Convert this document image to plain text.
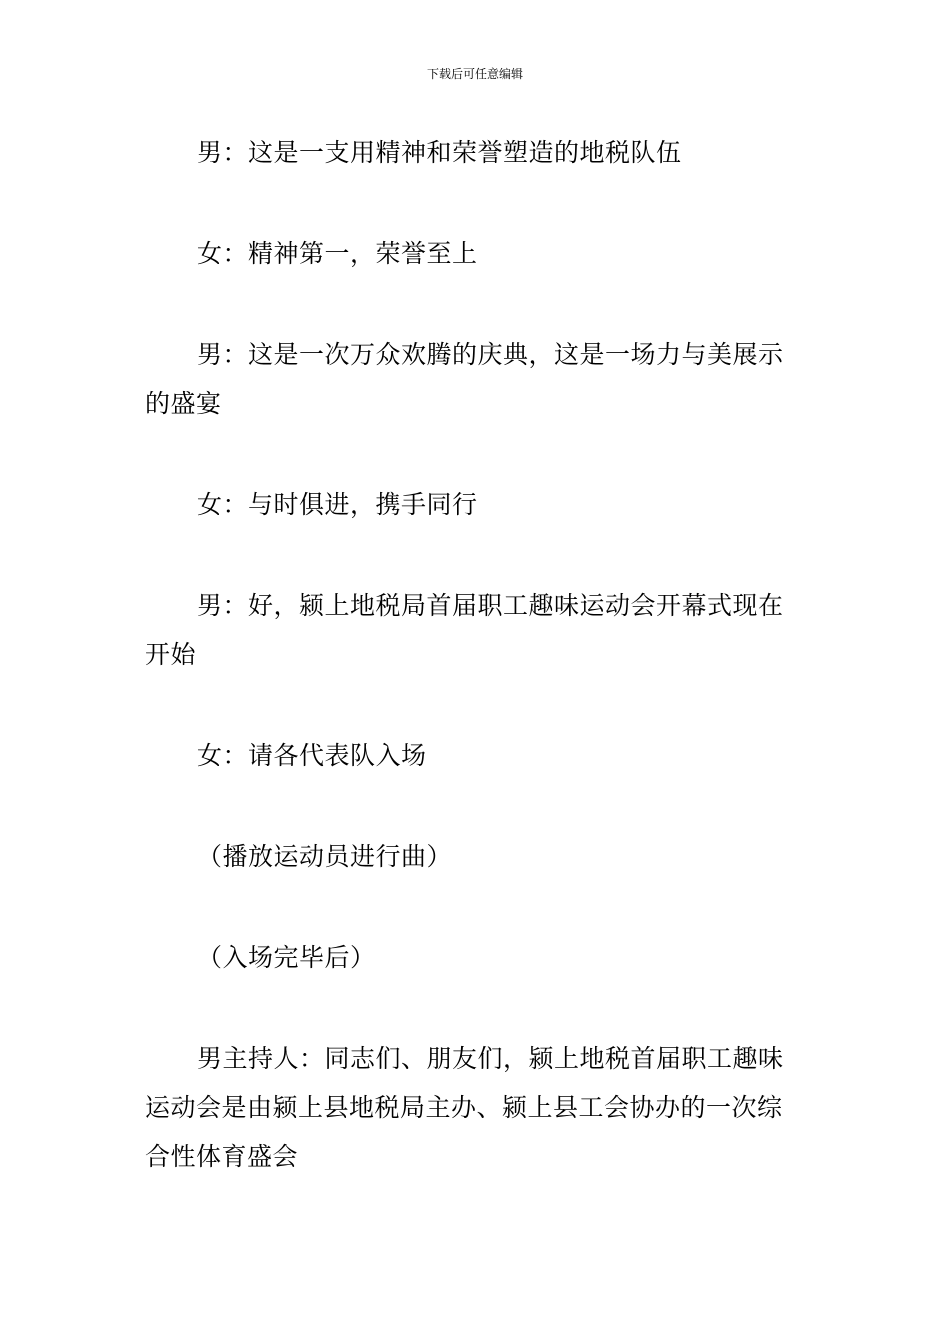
下载后可任意编辑

男：这是一支用精神和荣誉塑造的地税队伍

女：精神第一，荣誉至上

男：这是一次万众欢腾的庆典，这是一场力与美展示的盛宴

女：与时俱进，携手同行

男：好，颍上地税局首届职工趣味运动会开幕式现在开始

女：请各代表队入场

（播放运动员进行曲）

（入场完毕后）

男主持人：同志们、朋友们，颍上地税首届职工趣味运动会是由颍上县地税局主办、颍上县工会协办的一次综合性体育盛会
